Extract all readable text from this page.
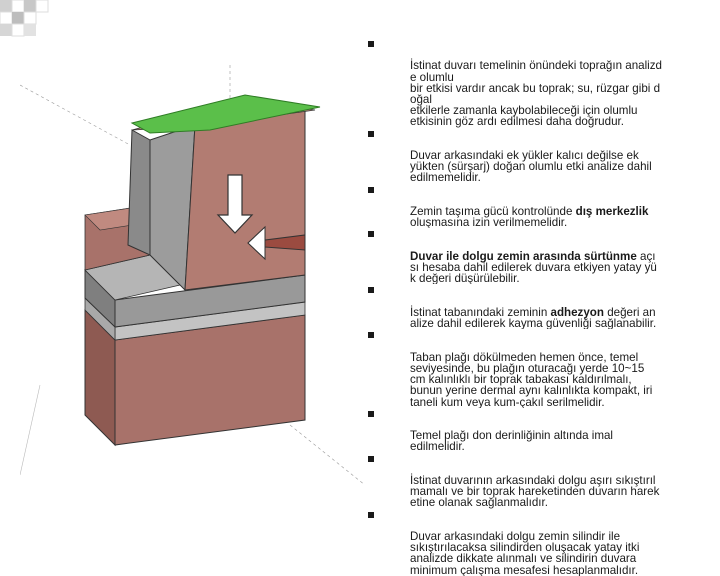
İstinat duvarı temelinin önündeki toprağın analizd
e olumlu
bir etkisi vardır ancak bu toprak; su, rüzgar gibi d
oğal
etkilerle zamanla kaybolabileceği için olumlu
etkisinin göz ardı edilmesi daha doğrudur.

Duvar arkasındaki ek yükler kalıcı değilse ek
yükten (sürşarj) doğan olumlu etki analize dahil
edilmemelidir.

Zemin taşıma gücü kontrolünde dış merkezlik
oluşmasına izin verilmemelidir.

Duvar ile dolgu zemin arasında sürtünme açı
sı hesaba dahil edilerek duvara etkiyen yatay yü
k değeri düşürülebilir.

İstinat tabanındaki zeminin adhezyon değeri an
alize dahil edilerek kayma güvenliği sağlanabilir.

Taban plağı dökülmeden hemen önce, temel
seviyesinde, bu plağın oturacağı yerde 10~15
cm kalınlıklı bir toprak tabakası kaldırılmalı,
bunun yerine dermal aynı kalınlıkta kompakt, iri
taneli kum veya kum-çakıl serilmelidir.

Temel plağı don derinliğinin altında imal
edilmelidir.

İstinat duvarının arkasındaki dolgu aşırı sıkıştırıl
mamalı ve bir toprak hareketinden duvarın harek
etine olanak sağlanmalıdır.

Duvar arkasındaki dolgu zemin silindir ile
sıkıştırılacaksa silindirden oluşacak yatay itki
analizde dikkate alınmalı ve silindirin duvara
minimum çalışma mesafesi hesaplanmalıdır.
